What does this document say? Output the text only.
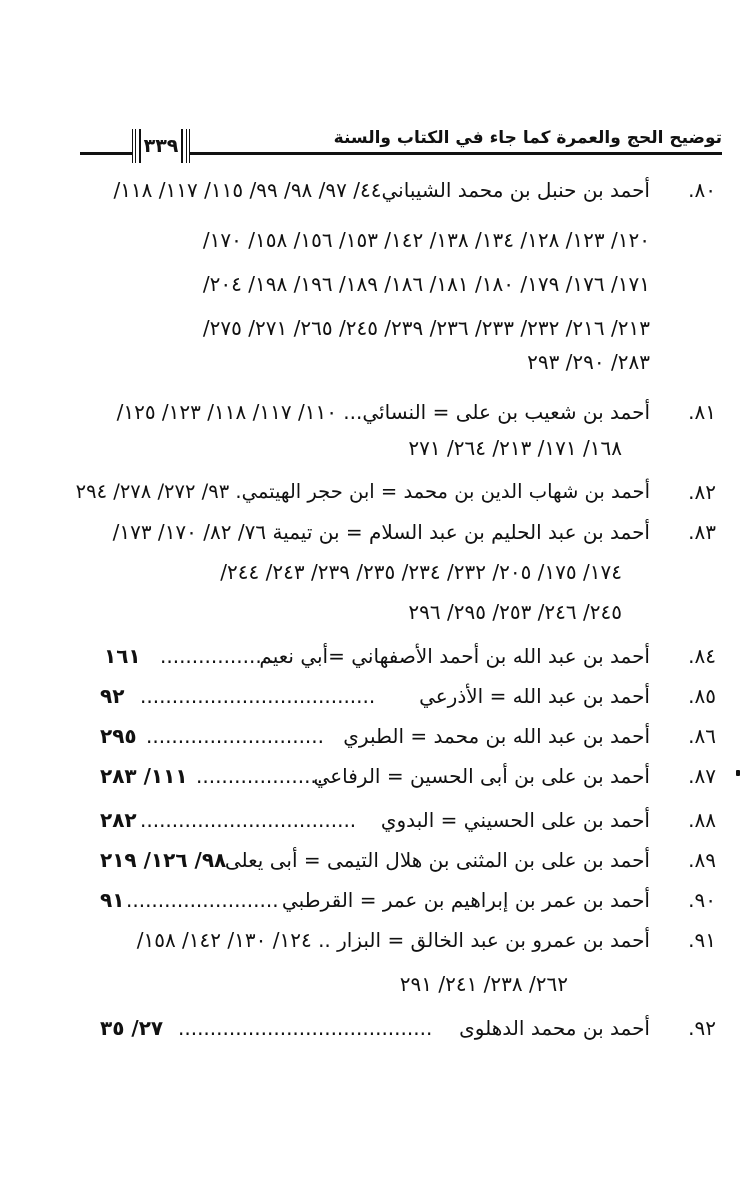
توضيح الحج والعمرة كما جاء في الكتاب والسنة
٣٣٩
٨٠.
أحمد بن حنبل بن محمد الشيباني٤٤/ ٩٧/ ٩٨/ ٩٩/ ١١٥/ ١١٧/ ١١٨/
١٢٠/ ١٢٣/ ١٢٨/ ١٣٤/ ١٣٨/ ١٤٢/ ١٥٣/ ١٥٦/ ١٥٨/ ١٧٠/
١٧١/ ١٧٦/ ١٧٩/ ١٨٠/ ١٨١/ ١٨٦/ ١٨٩/ ١٩٦/ ١٩٨/ ٢٠٤/
٢١٣/ ٢١٦/ ٢٣٢/ ٢٣٣/ ٢٣٦/ ٢٣٩/ ٢٤٥/ ٢٦٥/ ٢٧١/ ٢٧٥/
٢٨٣/ ٢٩٠/ ٢٩٣
٨١.
أحمد بن شعيب بن على = النسائي... ١١٠/ ١١٧/ ١١٨/ ١٢٣/ ١٢٥/
١٦٨/ ١٧١/ ٢١٣/ ٢٦٤/ ٢٧١
٨٢.
أحمد بن شهاب الدين بن محمد = ابن حجر الهيتمي. ٩٣/ ٢٧٢/ ٢٧٨/ ٢٩٤
٨٣.
أحمد بن عبد الحليم بن عبد السلام = بن تيمية ٧٦/ ٨٢/ ١٧٠/ ١٧٣/
١٧٤/ ١٧٥/ ٢٠٥/ ٢٣٢/ ٢٣٤/ ٢٣٥/ ٢٣٩/ ٢٤٣/ ٢٤٤/
٢٤٥/ ٢٤٦/ ٢٥٣/ ٢٩٥/ ٢٩٦
٨٤.
أحمد بن عبد الله بن أحمد الأصفهاني =أبي نعيم
..................
١٦١
٨٥.
أحمد بن عبد الله = الأذرعي
.....................................
٩٢
٨٦.
أحمد بن عبد الله بن محمد = الطبري
............................
٢٩٥
٨٧.
أحمد بن على بن أبى الحسين = الرفاعي
....................
١١١/ ٢٨٣
٨٨.
أحمد بن على الحسيني = البدوي
..................................
٢٨٢
٨٩.
أحمد بن على بن المثنى بن هلال التيمى = أبى يعلى
٩٨/ ١٢٦/ ٢١٩
٩٠.
أحمد بن عمر بن إبراهيم بن عمر = القرطبي
........................
٩١
٩١.
أحمد بن عمرو بن عبد الخالق = البزار .. ١٢٤/ ١٣٠/ ١٤٢/ ١٥٨/
٢٦٢/ ٢٣٨/ ٢٤١/ ٢٩١
٩٢.
أحمد بن محمد الدهلوى
........................................
٢٧/ ٣٥
